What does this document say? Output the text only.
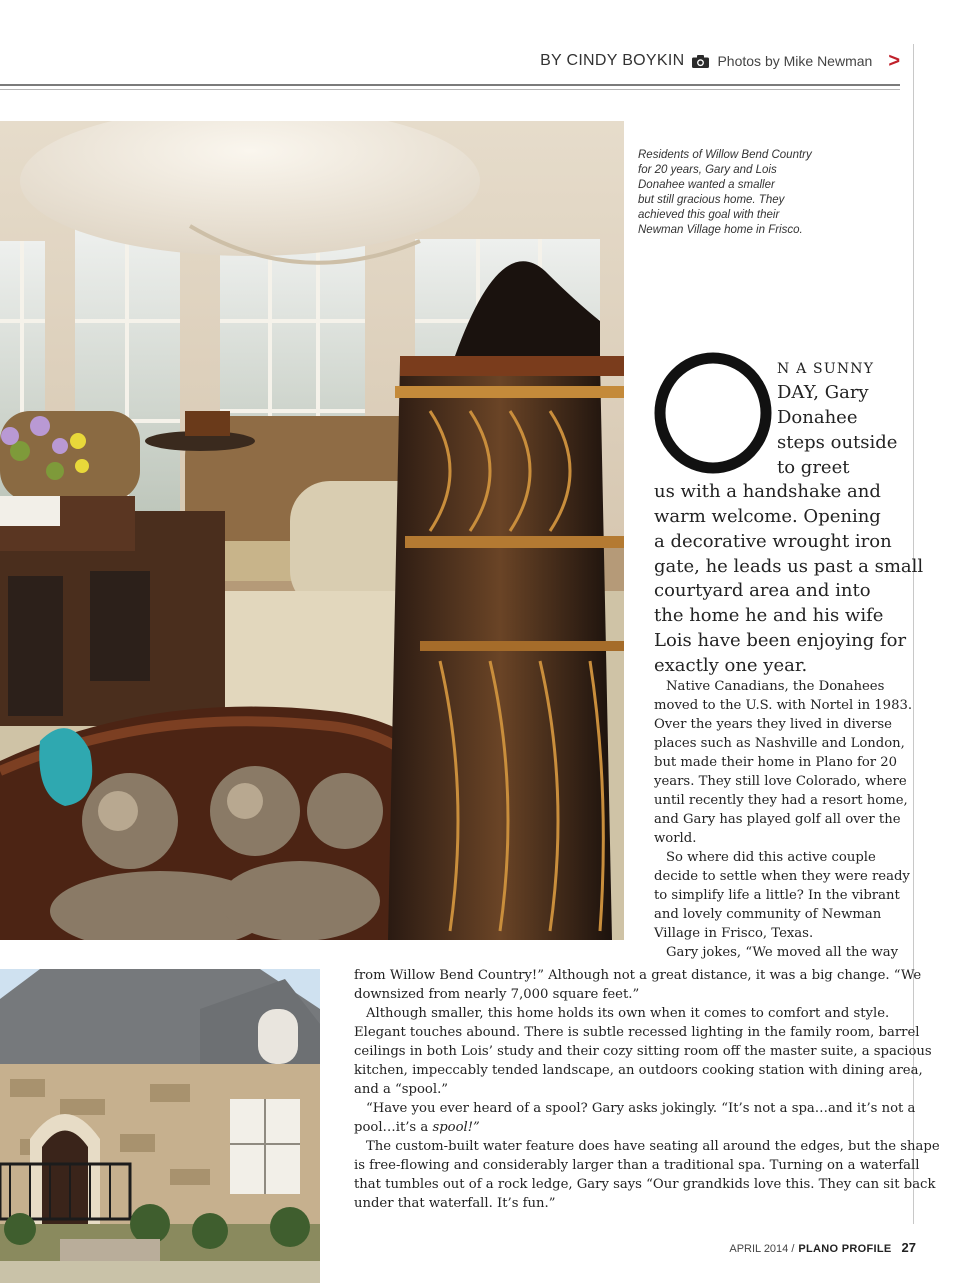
BY CINDY BOYKIN Photos by Mike Newman >
Residents of Willow Bend Country
for 20 years, Gary and Lois
Donahee wanted a smaller
but still gracious home. They
achieved this goal with their
Newman Village home in Frisco.
O

N A SUNNY

DAY, Gary

Donahee

steps outside

to greet

us with a handshake and

warm welcome. Opening

a decorative wrought iron

gate, he leads us past a small

courtyard area and into

the home he and his wife

Lois have been enjoying for

exactly one year.

Native Canadians, the Donahees

moved to the U.S. with Nortel in 1983.

Over the years they lived in diverse

places such as Nashville and London,

but made their home in Plano for 20

years. They still love Colorado, where

until recently they had a resort home,

and Gary has played golf all over the

world.

So where did this active couple

decide to settle when they were ready

to simplify life a little? In the vibrant

and lovely community of Newman

Village in Frisco, Texas.

Gary jokes, “We moved all the way

from Willow Bend Country!” Although not a great distance, it was a big change. “We

downsized from nearly 7,000 square feet.”

Although smaller, this home holds its own when it comes to comfort and style.

Elegant touches abound. There is subtle recessed lighting in the family room, barrel

ceilings in both Lois’ study and their cozy sitting room off the master suite, a spacious

kitchen, impeccably tended landscape, an outdoors cooking station with dining area,

and a “spool.”

“Have you ever heard of a spool? Gary asks jokingly. “It’s not a spa…and it’s not a

pool…it’s a spool!”

The custom-built water feature does have seating all around the edges, but the shape

is free-flowing and considerably larger than a traditional spa. Turning on a waterfall

that tumbles out of a rock ledge, Gary says “Our grandkids love this. They can sit back

under that waterfall. It’s fun.”

APRIL 2014 / PLANO PROFILE 27
